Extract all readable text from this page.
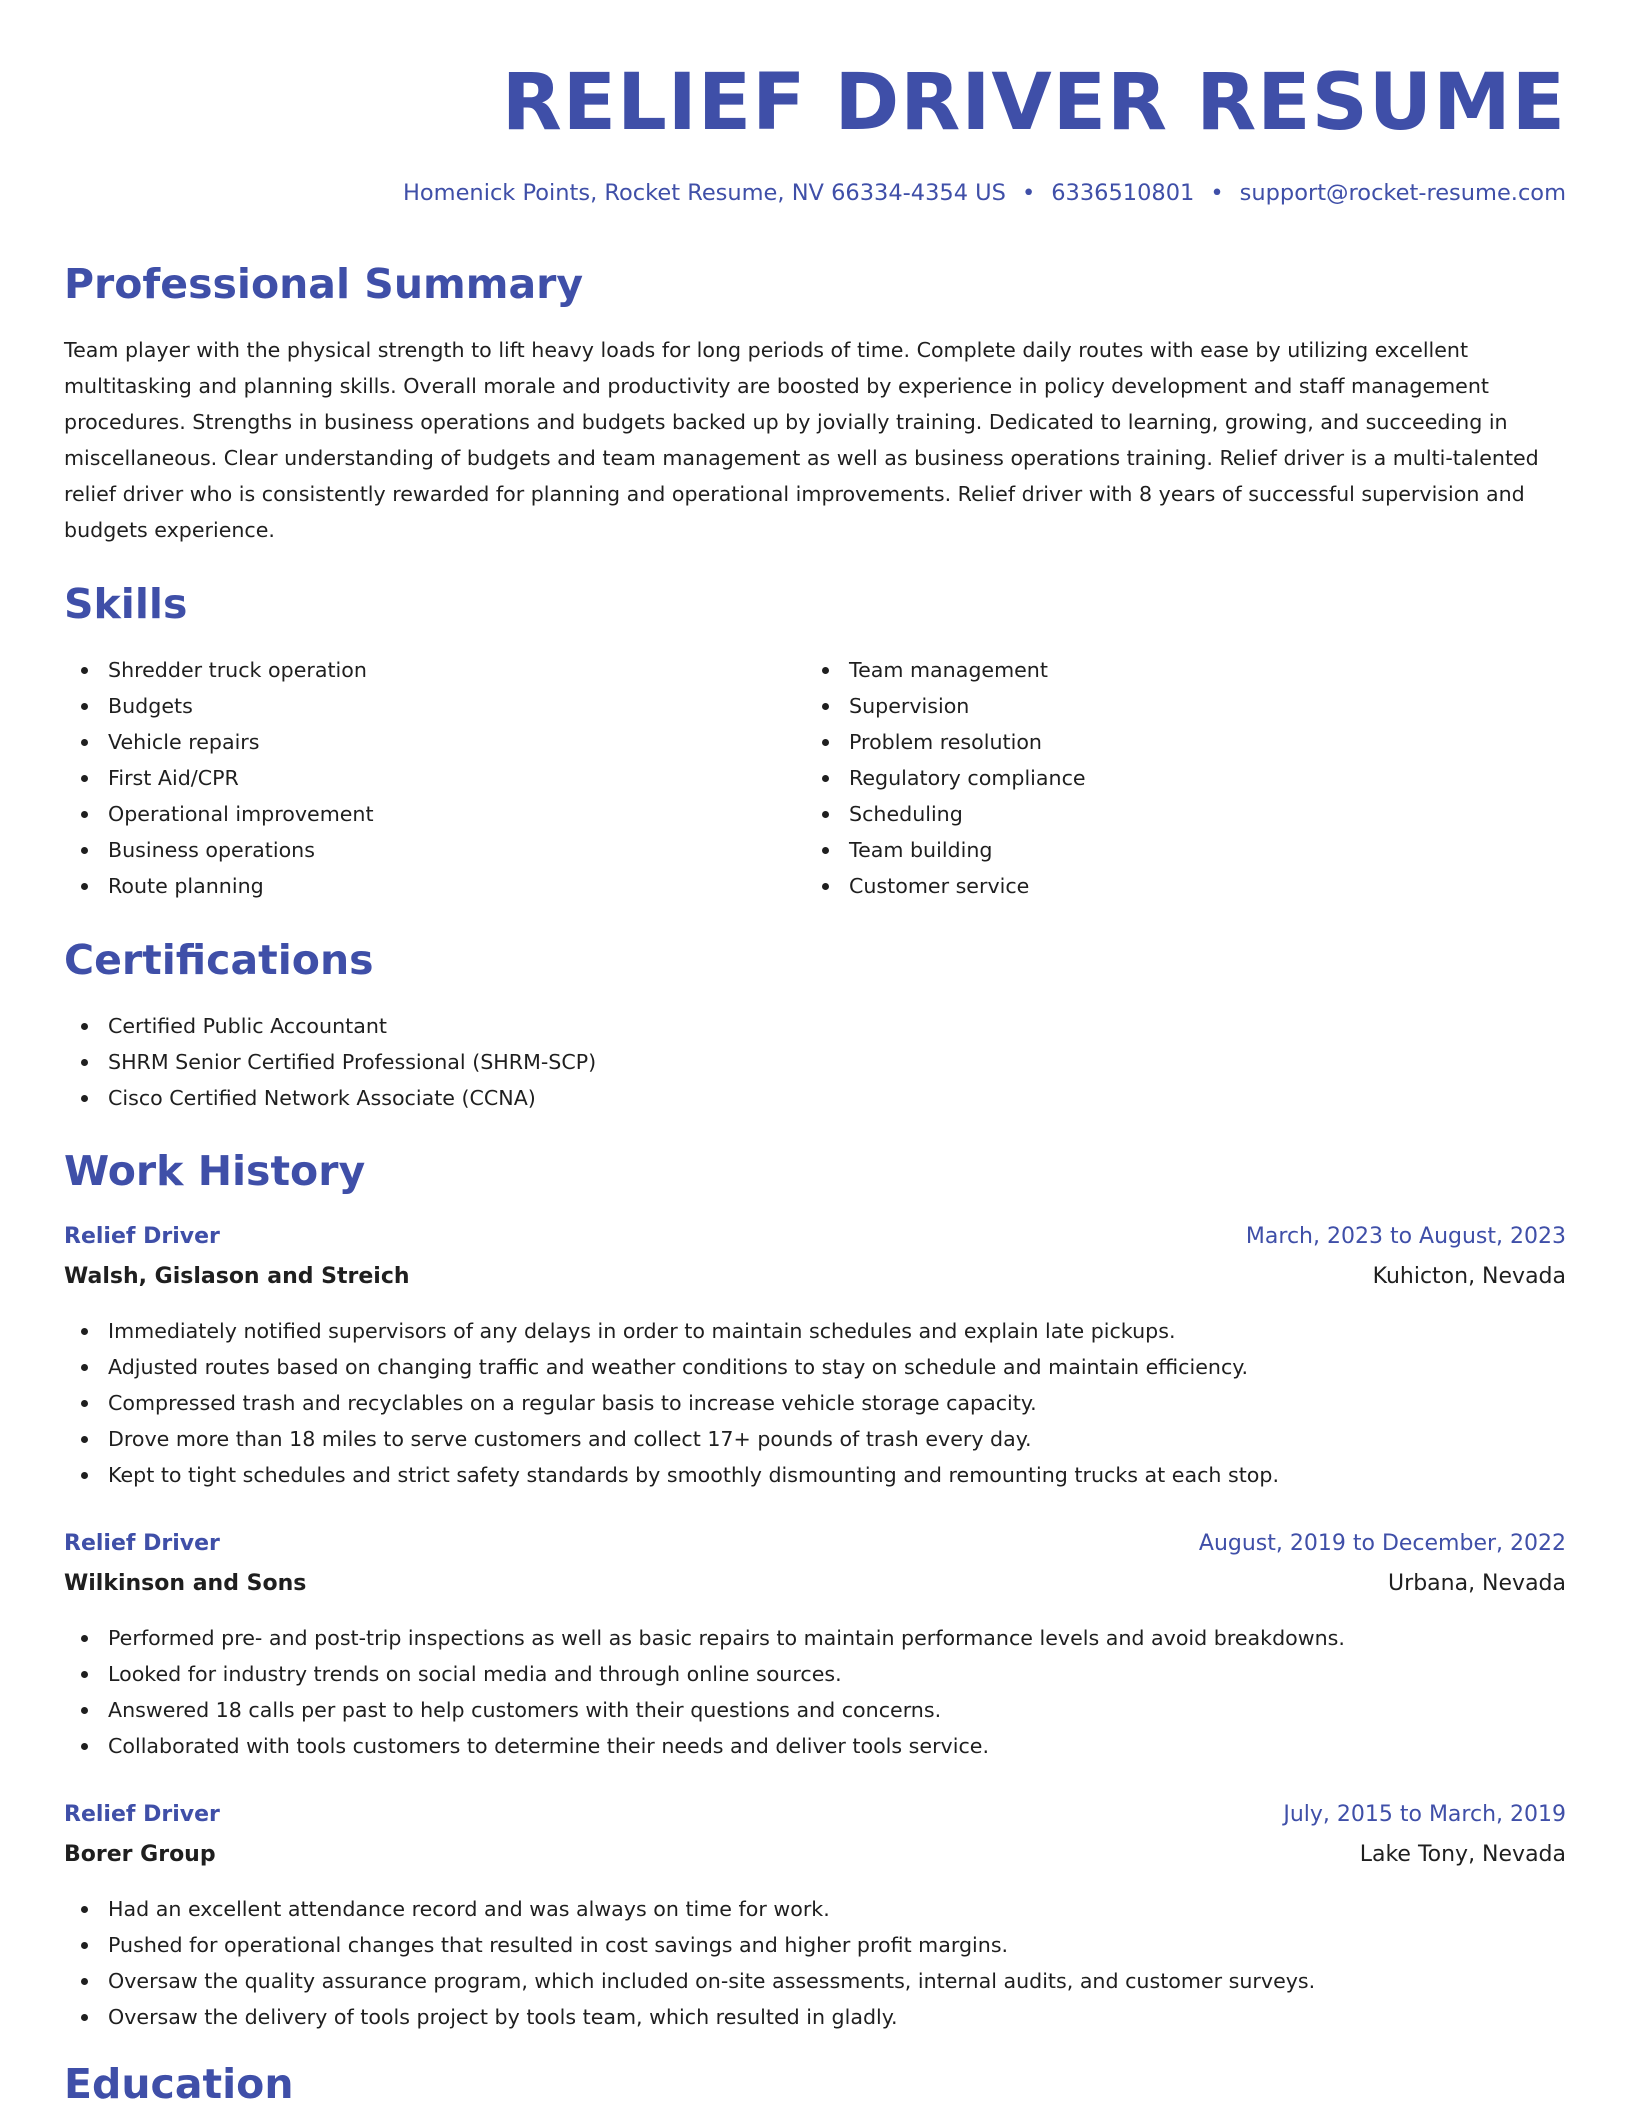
RELIEF DRIVER RESUME
Homenick Points, Rocket Resume, NV 66334-4354 US • 6336510801 • support@rocket-resume.com
Professional Summary

Team player with the physical strength to lift heavy loads for long periods of time. Complete daily routes with ease by utilizing excellent multitasking and planning skills. Overall morale and productivity are boosted by experience in policy development and staff management procedures. Strengths in business operations and budgets backed up by jovially training. Dedicated to learning, growing, and succeeding in miscellaneous. Clear understanding of budgets and team management as well as business operations training. Relief driver is a multi-talented relief driver who is consistently rewarded for planning and operational improvements. Relief driver with 8 years of successful supervision and budgets experience.

Skills
Shredder truck operation
Budgets
Vehicle repairs
First Aid/CPR
Operational improvement
Business operations
Route planning
Team management
Supervision
Problem resolution
Regulatory compliance
Scheduling
Team building
Customer service
Certifications
Certified Public Accountant
SHRM Senior Certified Professional (SHRM-SCP)
Cisco Certified Network Associate (CCNA)
Work History
Relief Driver	March, 2023 to August, 2023
Walsh, Gislason and Streich	Kuhicton, Nevada
Immediately notified supervisors of any delays in order to maintain schedules and explain late pickups.
Adjusted routes based on changing traffic and weather conditions to stay on schedule and maintain efficiency.
Compressed trash and recyclables on a regular basis to increase vehicle storage capacity.
Drove more than 18 miles to serve customers and collect 17+ pounds of trash every day.
Kept to tight schedules and strict safety standards by smoothly dismounting and remounting trucks at each stop.
Relief Driver	August, 2019 to December, 2022
Wilkinson and Sons	Urbana, Nevada
Performed pre- and post-trip inspections as well as basic repairs to maintain performance levels and avoid breakdowns.
Looked for industry trends on social media and through online sources.
Answered 18 calls per past to help customers with their questions and concerns.
Collaborated with tools customers to determine their needs and deliver tools service.
Relief Driver	July, 2015 to March, 2019
Borer Group	Lake Tony, Nevada
Had an excellent attendance record and was always on time for work.
Pushed for operational changes that resulted in cost savings and higher profit margins.
Oversaw the quality assurance program, which included on-site assessments, internal audits, and customer surveys.
Oversaw the delivery of tools project by tools team, which resulted in gladly.
Education
